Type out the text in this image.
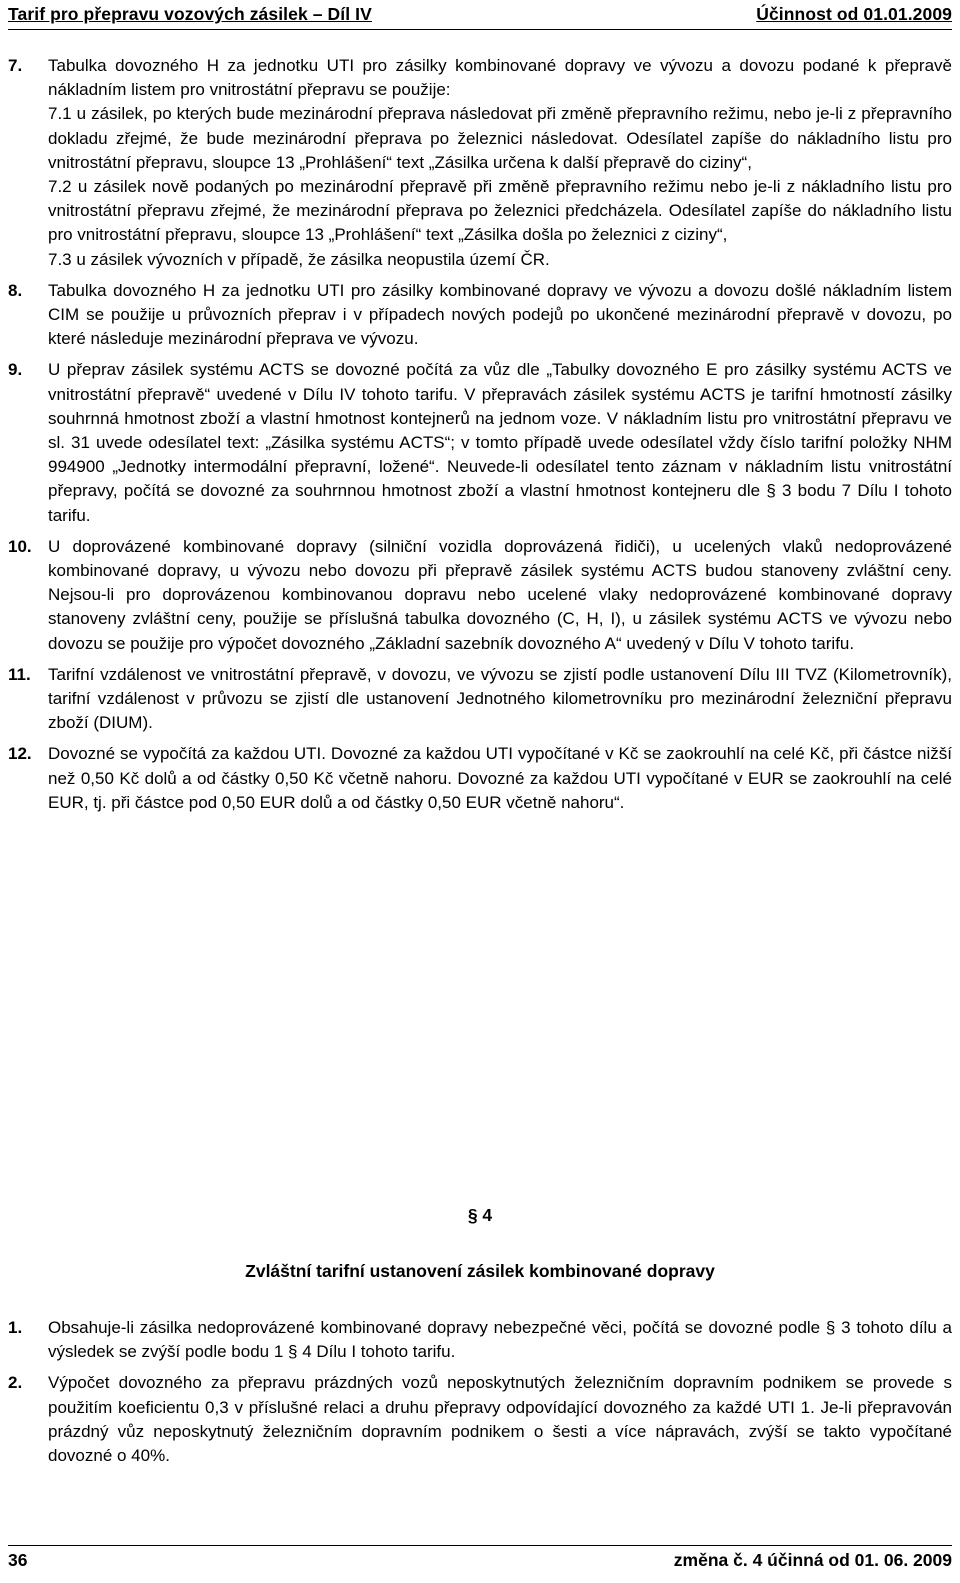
Tarif pro přepravu vozových zásilek – Díl IV	Účinnost od 01.01.2009
7.	Tabulka dovozného H za jednotku UTI pro zásilky kombinované dopravy ve vývozu a dovozu podané k přepravě nákladním listem pro vnitrostátní přepravu se použije:

7.1 u zásilek, po kterých bude mezinárodní přeprava následovat při změně přepravního režimu, nebo je-li z přepravního dokladu zřejmé, že bude mezinárodní přeprava po železnici následovat. Odesílatel zapíše do nákladního listu pro vnitrostátní přepravu, sloupce 13 „Prohlášení“ text „Zásilka určena k další přepravě do ciziny“,

7.2 u zásilek nově podaných po mezinárodní přepravě při změně přepravního režimu nebo je-li z nákladního listu pro vnitrostátní přepravu zřejmé, že mezinárodní přeprava po železnici předcházela. Odesílatel zapíše do nákladního listu pro vnitrostátní přepravu, sloupce 13 „Prohlášení“ text „Zásilka došla po železnici z ciziny“,

7.3 u zásilek vývozních v případě, že zásilka neopustila území ČR.

8.	Tabulka dovozného H za jednotku UTI pro zásilky kombinované dopravy ve vývozu a dovozu došlé nákladním listem CIM se použije u průvozních přeprav i v případech nových podejů po ukončené mezinárodní přepravě v dovozu, po které následuje mezinárodní přeprava ve vývozu.

9.	U přeprav zásilek systému ACTS se dovozné počítá za vůz dle „Tabulky dovozného E pro zásilky systému ACTS ve vnitrostátní přepravě“ uvedené v Dílu IV tohoto tarifu. V přepravách zásilek systému ACTS je tarifní hmotností zásilky souhrnná hmotnost zboží a vlastní hmotnost kontejnerů na jednom voze. V nákladním listu pro vnitrostátní přepravu ve sl. 31 uvede odesílatel text: „Zásilka systému ACTS“; v tomto případě uvede odesílatel vždy číslo tarifní položky NHM 994900 „Jednotky intermodální přepravní, ložené“. Neuvede-li odesílatel tento záznam v nákladním listu vnitrostátní přepravy, počítá se dovozné za souhrnnou hmotnost zboží a vlastní hmotnost kontejneru dle § 3 bodu 7 Dílu I tohoto tarifu.

10. U doprovázené kombinované dopravy (silniční vozidla doprovázená řidiči), u ucelených vlaků nedoprovázené kombinované dopravy, u vývozu nebo dovozu při přepravě zásilek systému ACTS budou stanoveny zvláštní ceny. Nejsou-li pro doprovázenou kombinovanou dopravu nebo ucelené vlaky nedoprovázené kombinované dopravy stanoveny zvláštní ceny, použije se příslušná tabulka dovozného (C, H, I), u zásilek systému ACTS ve vývozu nebo dovozu se použije pro výpočet dovozného „Základní sazebník dovozného A“ uvedený v Dílu V tohoto tarifu.

11.	Tarifní vzdálenost ve vnitrostátní přepravě, v dovozu, ve vývozu se zjistí podle ustanovení Dílu III TVZ (Kilometrovník), tarifní vzdálenost v průvozu se zjistí dle ustanovení Jednotného kilometrovníku pro mezinárodní železniční přepravu zboží (DIUM).

12. Dovozné se vypočítá za každou UTI. Dovozné za každou UTI vypočítané v Kč se zaokrouhlí na celé Kč, při částce nižší než 0,50 Kč dolů a od částky 0,50 Kč včetně nahoru. Dovozné za každou UTI vypočítané v EUR se zaokrouhlí na celé EUR, tj. při částce pod 0,50 EUR dolů a od částky 0,50 EUR včetně nahoru“.

§ 4
Zvláštní tarifní ustanovení zásilek kombinované dopravy
1.	Obsahuje-li zásilka nedoprovázené kombinované dopravy nebezpečné věci, počítá se dovozné podle § 3 tohoto dílu a výsledek se zvýší podle bodu 1 § 4 Dílu I tohoto tarifu.

2.	Výpočet dovozného za přepravu prázdných vozů neposkytnutých železničním dopravním podnikem se provede s použitím koeficientu 0,3 v příslušné relaci a druhu přepravy odpovídající dovozného za každé UTI 1. Je-li přepravován prázdný vůz neposkytnutý železničním dopravním podnikem o šesti a více nápravách, zvýší se takto vypočítané dovozné o 40%.

36	změna č. 4 účinná od 01. 06. 2009
